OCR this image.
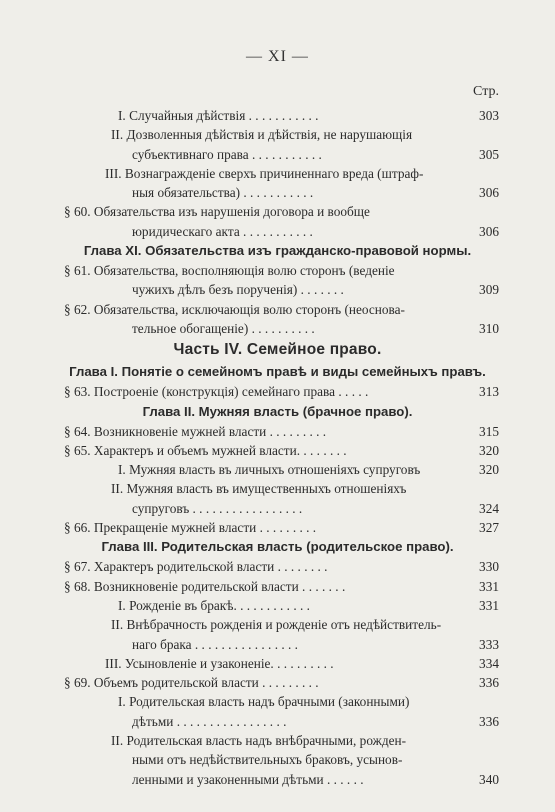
— XI —
Стр.
I. Случайныя дѣйствія . . . . . . . . . . .	303
II. Дозволенныя дѣйствія и дѣйствія, не нарушающія
субъективнаго права . . . . . . . . . . .	305
III. Вознагражденіе сверхъ причиненнаго вреда (штраф-
ныя обязательства) . . . . . . . . . . .	306
§ 60. Обязательства изъ нарушенія договора и вообще
юридическаго акта . . . . . . . . . . .	306
Глава XI. Обязательства изъ гражданско-правовой нормы.
§ 61. Обязательства, восполняющія волю сторонъ (веденіе
чужихъ дѣлъ безъ порученія) . . . . . . .	309
§ 62. Обязательства, исключающія волю сторонъ (неоснова-
тельное обогащеніе) . . . . . . . . . .	310
Часть IV. Семейное право.
Глава I. Понятіе о семейномъ правѣ и виды семейныхъ правъ.
§ 63. Построеніе (конструкція) семейнаго права . . . . .	313
Глава II. Мужняя власть (брачное право).
§ 64. Возникновеніе мужней власти . . . . . . . . .	315
§ 65. Характеръ и объемъ мужней власти. . . . . . . .	320
I. Мужняя власть въ личныхъ отношеніяхъ супруговъ	320
II. Мужняя власть въ имущественныхъ отношеніяхъ
супруговъ . . . . . . . . . . . . . . . . .	324
§ 66. Прекращеніе мужней власти . . . . . . . . .	327
Глава III. Родительская власть (родительское право).
§ 67. Характеръ родительской власти . . . . . . . .	330
§ 68. Возникновеніе родительской власти . . . . . . .	331
I. Рожденіе въ бракѣ. . . . . . . . . . . .	331
II. Внѣбрачность рожденія и рожденіе отъ недѣйствитель-
наго брака . . . . . . . . . . . . . . . .	333
III. Усыновленіе и узаконеніе. . . . . . . . . .	334
§ 69. Объемъ родительской власти . . . . . . . . .	336
I. Родительская власть надъ брачными (законными)
дѣтьми . . . . . . . . . . . . . . . . .	336
II. Родительская власть надъ внѣбрачными, рожден-
ными отъ недѣйствительныхъ браковъ, усынов-
ленными и узаконенными дѣтьми . . . . . .	340
